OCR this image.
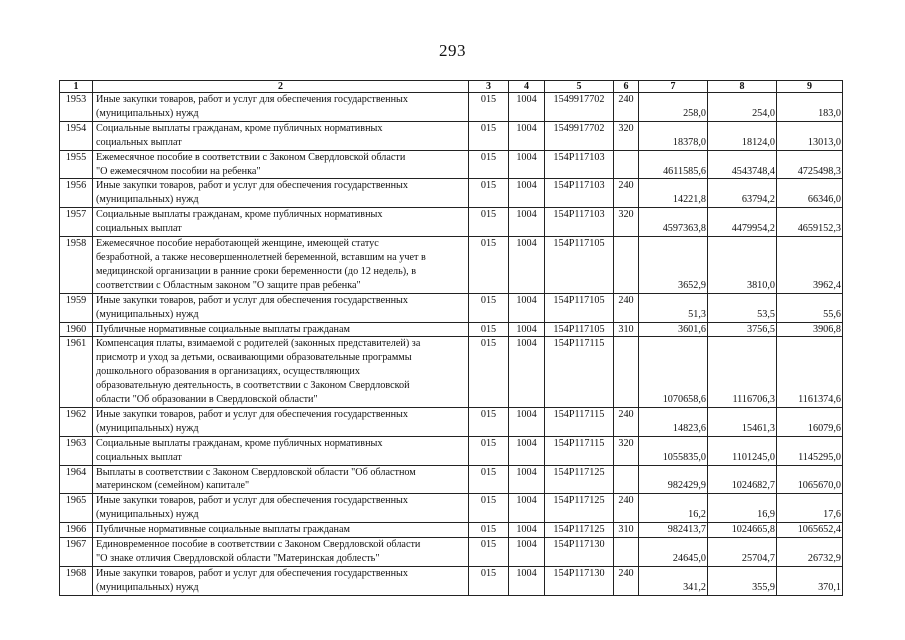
293
1	2	3	4	5	6	7	8	9
1953	Иные закупки товаров, работ и услуг для обеспечения государственных
(муниципальных) нужд	015	1004	1549917702	240	258,0	254,0	183,0
1954	Социальные выплаты гражданам, кроме публичных нормативных
социальных выплат	015	1004	1549917702	320	18378,0	18124,0	13013,0
1955	Ежемесячное пособие в соответствии с Законом Свердловской области
"О ежемесячном пособии на ребенка"	015	1004	154Р117103		4611585,6	4543748,4	4725498,3
1956	Иные закупки товаров, работ и услуг для обеспечения государственных
(муниципальных) нужд	015	1004	154Р117103	240	14221,8	63794,2	66346,0
1957	Социальные выплаты гражданам, кроме публичных нормативных
социальных выплат	015	1004	154Р117103	320	4597363,8	4479954,2	4659152,3
1958	Ежемесячное пособие неработающей женщине, имеющей статус
безработной, а также несовершеннолетней беременной, вставшим на учет в
медицинской организации в ранние сроки беременности (до 12 недель), в
соответствии с Областным законом "О защите прав ребенка"	015	1004	154Р117105		3652,9	3810,0	3962,4
1959	Иные закупки товаров, работ и услуг для обеспечения государственных
(муниципальных) нужд	015	1004	154Р117105	240	51,3	53,5	55,6
1960	Публичные нормативные социальные выплаты гражданам	015	1004	154Р117105	310	3601,6	3756,5	3906,8
1961	Компенсация платы, взимаемой с родителей (законных представителей) за
присмотр и уход за детьми, осваивающими образовательные программы
дошкольного образования в организациях, осуществляющих
образовательную деятельность, в соответствии с Законом Свердловской
области "Об образовании в Свердловской области"	015	1004	154Р117115		1070658,6	1116706,3	1161374,6
1962	Иные закупки товаров, работ и услуг для обеспечения государственных
(муниципальных) нужд	015	1004	154Р117115	240	14823,6	15461,3	16079,6
1963	Социальные выплаты гражданам, кроме публичных нормативных
социальных выплат	015	1004	154Р117115	320	1055835,0	1101245,0	1145295,0
1964	Выплаты в соответствии с Законом Свердловской области "Об областном
материнском (семейном) капитале"	015	1004	154Р117125		982429,9	1024682,7	1065670,0
1965	Иные закупки товаров, работ и услуг для обеспечения государственных
(муниципальных) нужд	015	1004	154Р117125	240	16,2	16,9	17,6
1966	Публичные нормативные социальные выплаты гражданам	015	1004	154Р117125	310	982413,7	1024665,8	1065652,4
1967	Единовременное пособие в соответствии с Законом Свердловской области
"О знаке отличия Свердловской области "Материнская доблесть"	015	1004	154Р117130		24645,0	25704,7	26732,9
1968	Иные закупки товаров, работ и услуг для обеспечения государственных
(муниципальных) нужд	015	1004	154Р117130	240	341,2	355,9	370,1
